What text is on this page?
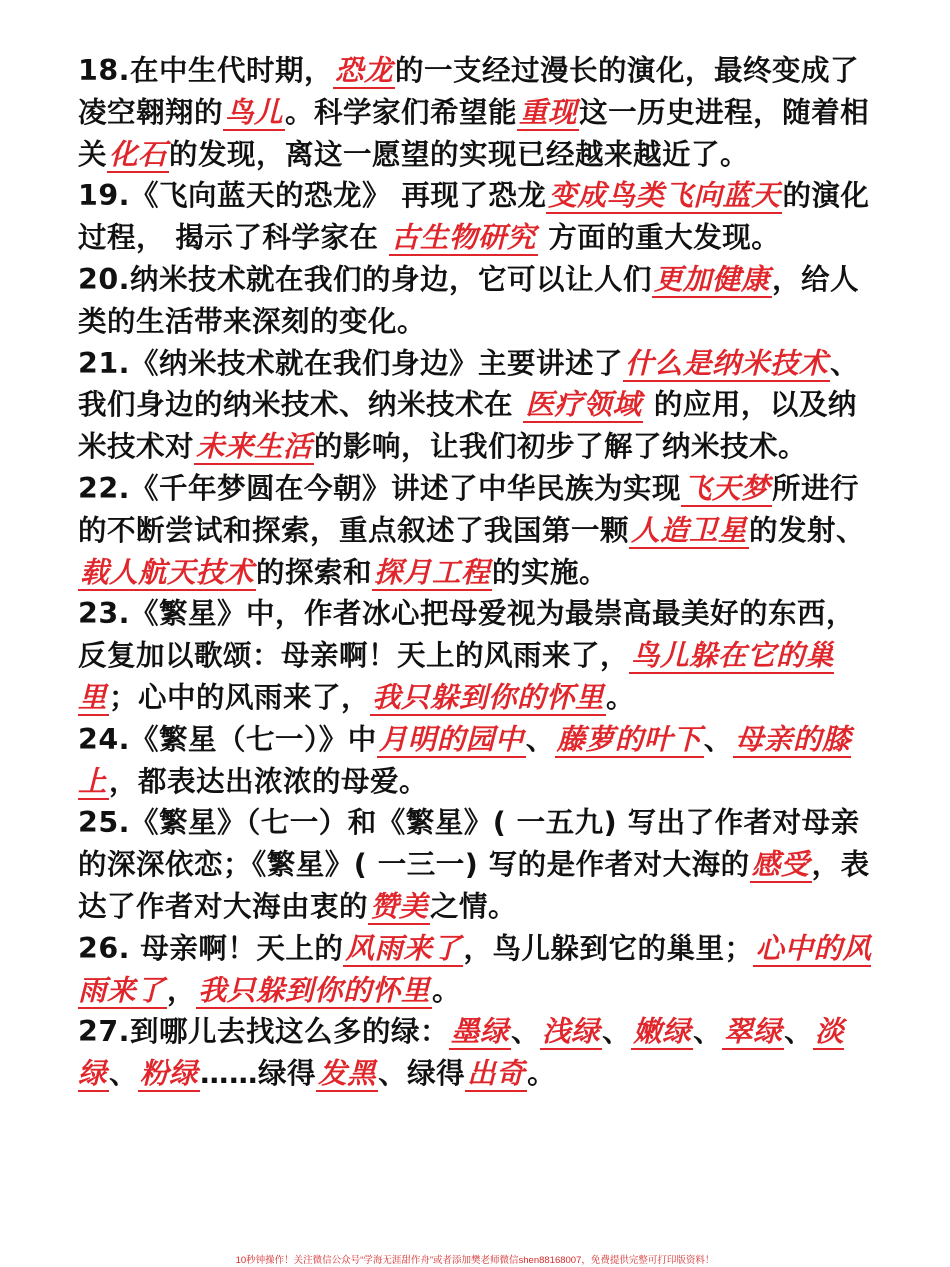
18.在中生代时期，恐龙的一支经过漫长的演化，最终变成了凌空翱翔的鸟儿。科学家们希望能重现这一历史进程，随着相关化石的发现，离这一愿望的实现已经越来越近了。

19.《飞向蓝天的恐龙》 再现了恐龙变成鸟类飞向蓝天的演化过程， 揭示了科学家在 古生物研究 方面的重大发现。

20.纳米技术就在我们的身边，它可以让人们更加健康，给人类的生活带来深刻的变化。

21.《纳米技术就在我们身边》主要讲述了什么是纳米技术、我们身边的纳米技术、纳米技术在 医疗领域 的应用，以及纳米技术对未来生活的影响，让我们初步了解了纳米技术。

22.《千年梦圆在今朝》讲述了中华民族为实现飞天梦所进行的不断尝试和探索，重点叙述了我国第一颗人造卫星的发射、载人航天技术的探索和探月工程的实施。

23.《繁星》中，作者冰心把母爱视为最崇高最美好的东西，反复加以歌颂：母亲啊！天上的风雨来了，鸟儿躲在它的巢里；心中的风雨来了，我只躲到你的怀里。

24.《繁星（七一）》中月明的园中、藤萝的叶下、母亲的膝上，都表达出浓浓的母爱。

25.《繁星》（七一）和《繁星》( 一五九) 写出了作者对母亲的深深依恋；《繁星》( 一三一) 写的是作者对大海的感受，表达了作者对大海由衷的赞美之情。

26. 母亲啊！天上的风雨来了，鸟儿躲到它的巢里；心中的风雨来了，我只躲到你的怀里。

27.到哪儿去找这么多的绿：墨绿、浅绿、嫩绿、翠绿、淡绿、粉绿……绿得发黑、绿得出奇。

10秒钟操作！关注微信公众号“学海无涯甜作舟”或者添加樊老师微信shen88168007，免费提供完整可打印版资料！
